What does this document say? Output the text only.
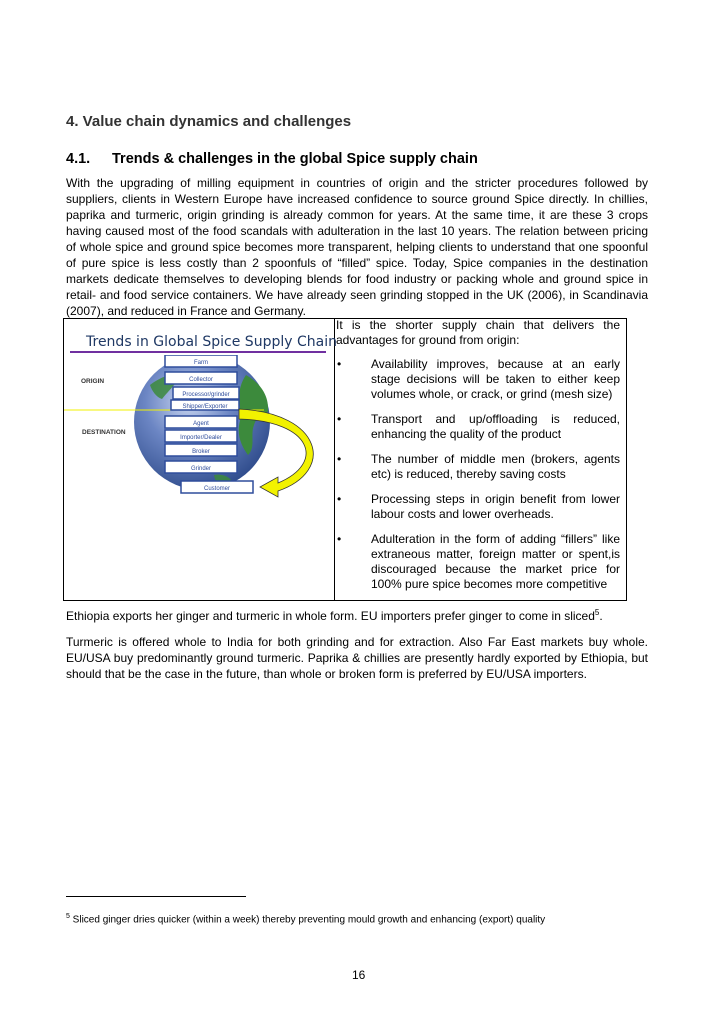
4. Value chain dynamics and challenges
4.1. Trends & challenges in the global Spice supply chain

With the upgrading of milling equipment in countries of origin and the stricter procedures followed by suppliers, clients in Western Europe have increased confidence to source ground Spice directly. In chillies, paprika and turmeric, origin grinding is already common for years. At the same time, it are these 3 crops having caused most of the food scandals with adulteration in the last 10 years. The relation between pricing of whole spice and ground spice becomes more transparent, helping clients to understand that one spoonful of pure spice is less costly than 2 spoonfuls of “filled” spice. Today, Spice companies in the destination markets dedicate themselves to developing blends for food industry or packing whole and ground spice in retail- and food service containers. We have already seen grinding stopped in the UK (2006), in Scandinavia (2007), and reduced in France and Germany.

Trends in Global Spice Supply Chain
Farm
Collector
Processor/grinder
Shipper/Exporter
Agent
Importer/Dealer
Broker
Grinder
Customer
ORIGIN
DESTINATION

It is the shorter supply chain that delivers the advantages for ground from origin:

• Availability improves, because at an early stage decisions will be taken to either keep volumes whole, or crack, or grind (mesh size)
• Transport and up/offloading is reduced, enhancing the quality of the product
• The number of middle men (brokers, agents etc) is reduced, thereby saving costs
• Processing steps in origin benefit from lower labour costs and lower overheads.
• Adulteration in the form of adding “fillers” like extraneous matter, foreign matter or spent,is discouraged because the market price for 100% pure spice becomes more competitive

Ethiopia exports her ginger and turmeric in whole form. EU importers prefer ginger to come in sliced$^5$.

Turmeric is offered whole to India for both grinding and for extraction. Also Far East markets buy whole. EU/USA buy predominantly ground turmeric. Paprika & chillies are presently hardly exported by Ethiopia, but should that be the case in the future, than whole or broken form is preferred by EU/USA importers.

$^5$ Sliced ginger dries quicker (within a week) thereby preventing mould growth and enhancing (export) quality
16
